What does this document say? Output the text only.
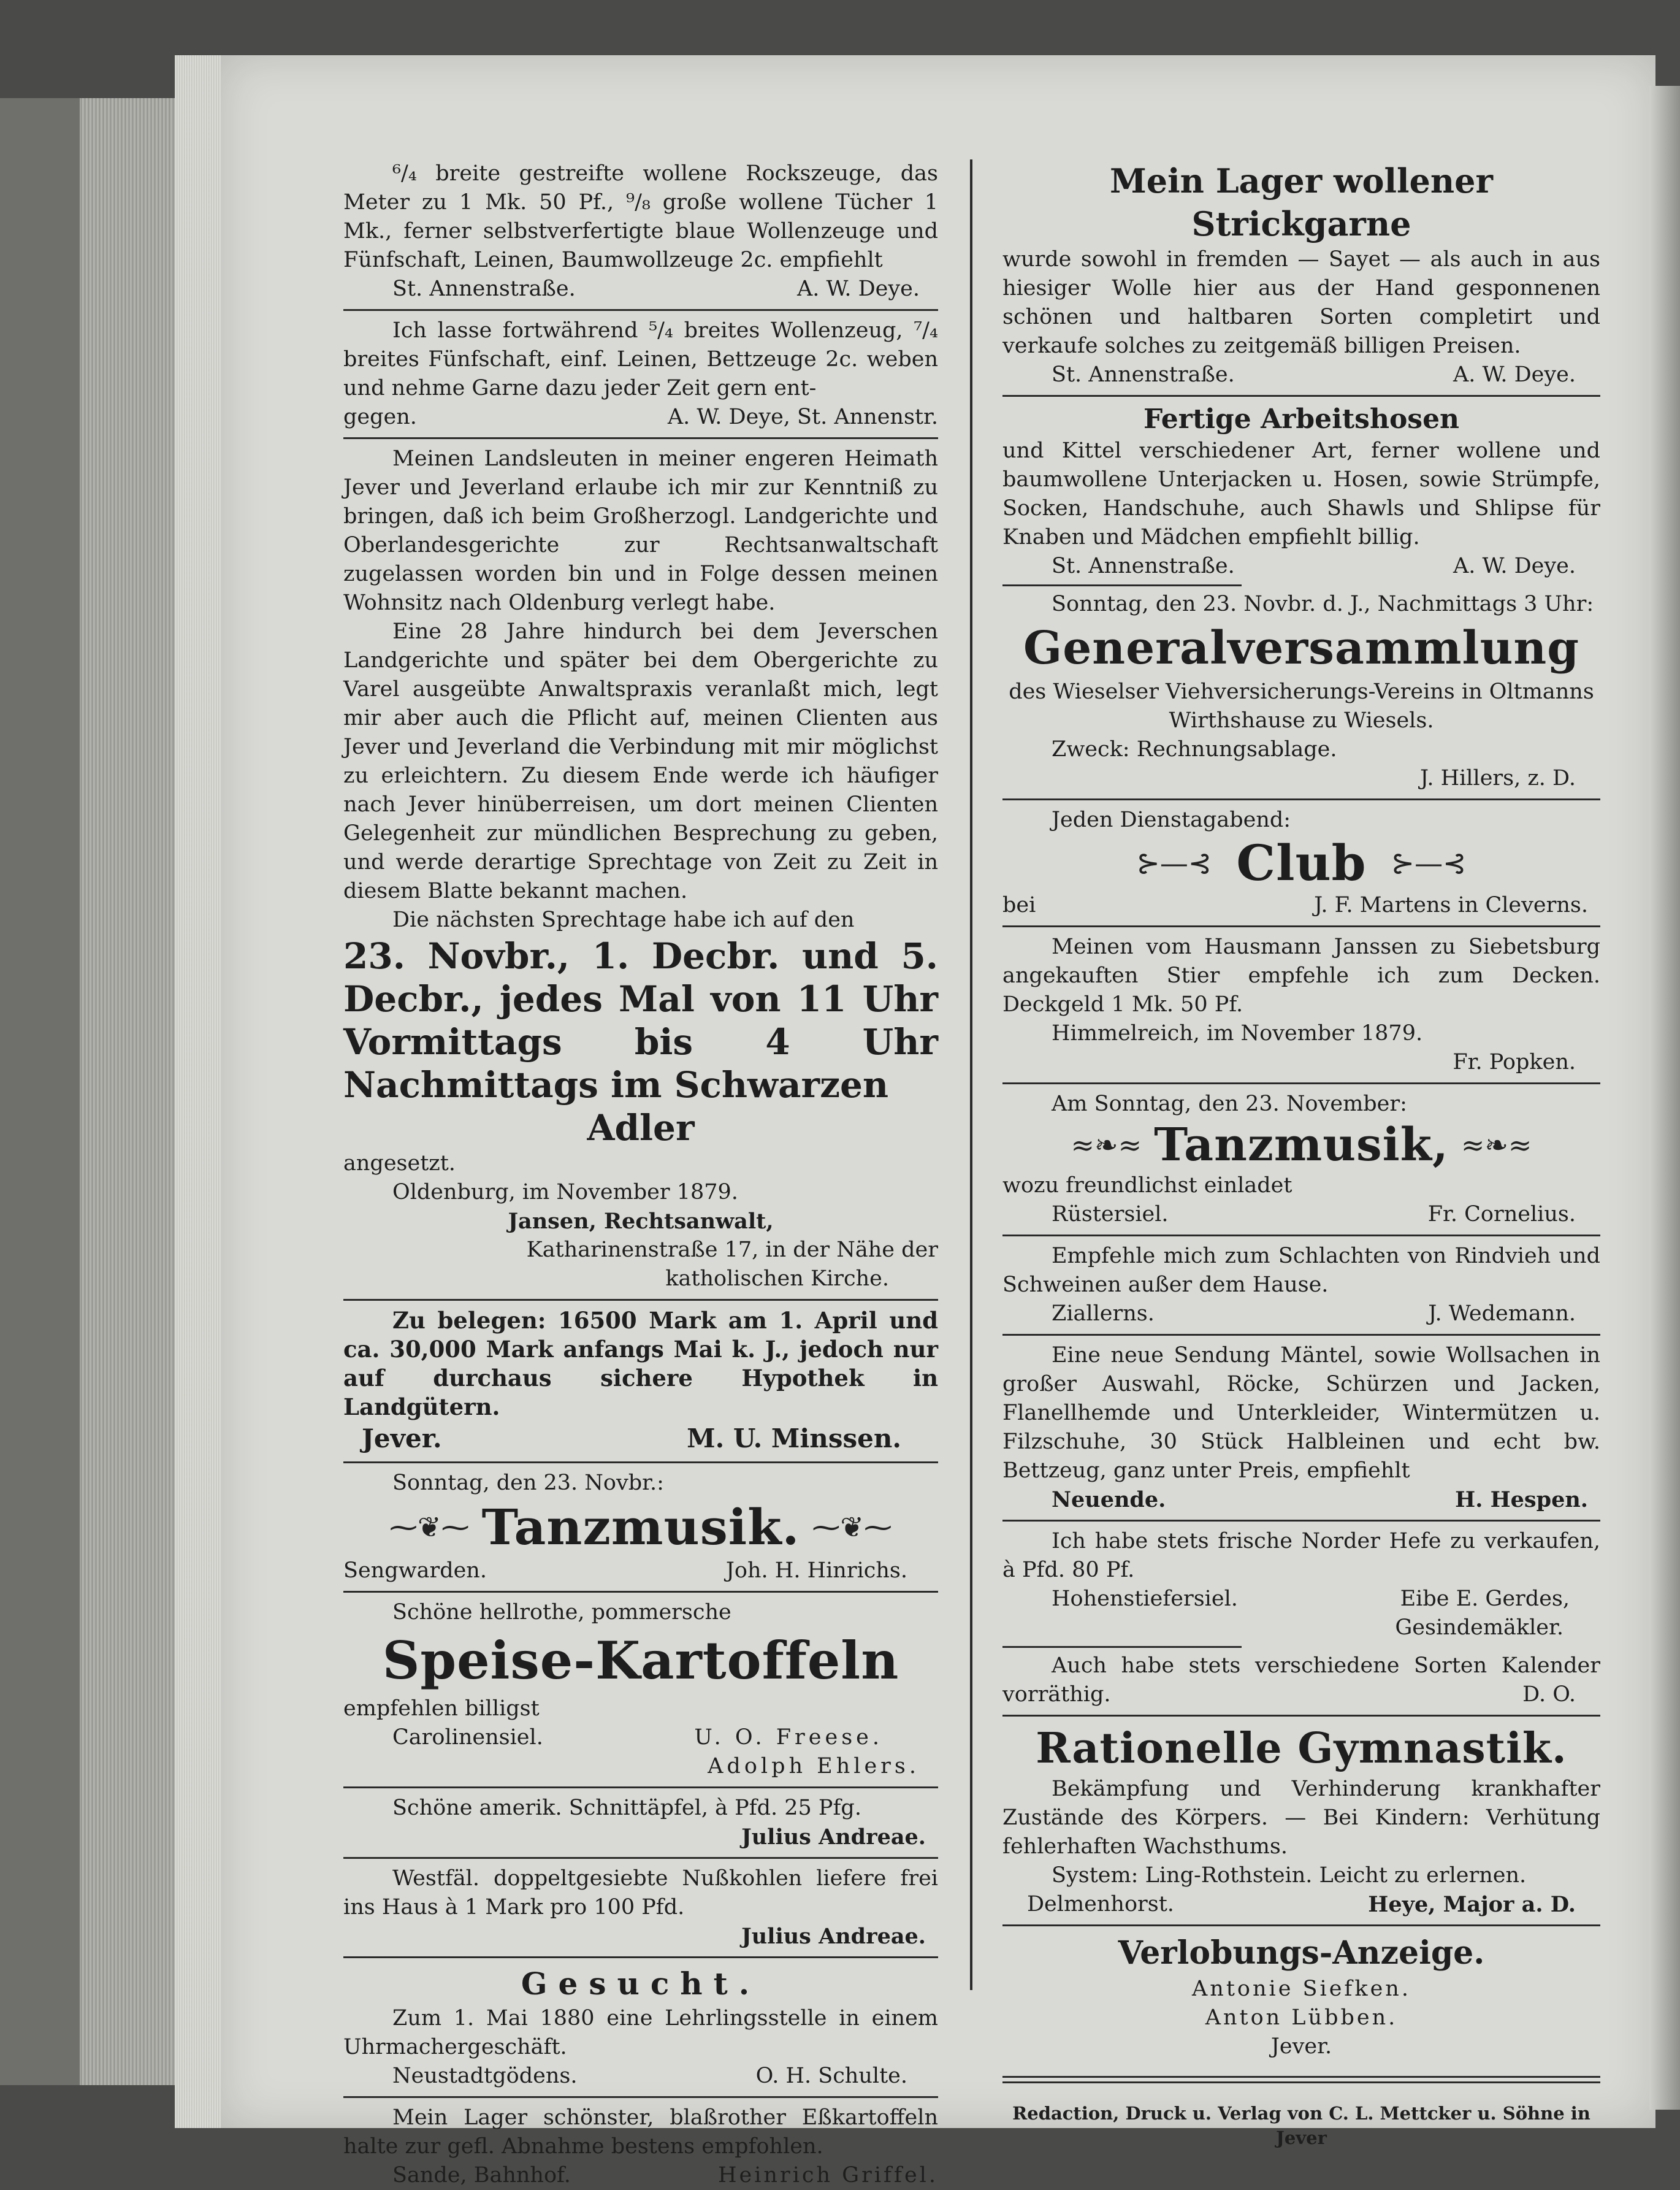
⁶/₄ breite gestreifte wollene Rockszeuge, das Meter zu 1 Mk. 50 Pf., ⁹/₈ große wollene Tücher 1 Mk., ferner selbstverfertigte blaue Wollenzeuge und Fünfschaft, Leinen, Baumwollzeuge 2c. empfiehlt

St. Annenstraße.	A. W. Deye.

Ich lasse fortwährend ⁵/₄ breites Wollenzeug, ⁷/₄ breites Fünfschaft, einf. Leinen, Bettzeuge 2c. weben und nehme Garne dazu jeder Zeit gern ent-

gegen.	A. W. Deye, St. Annenstr.

Meinen Landsleuten in meiner engeren Heimath Jever und Jeverland erlaube ich mir zur Kenntniß zu bringen, daß ich beim Großherzogl. Landgerichte und Oberlandesgerichte zur Rechtsanwaltschaft zugelassen worden bin und in Folge dessen meinen Wohnsitz nach Oldenburg verlegt habe.

Eine 28 Jahre hindurch bei dem Jeverschen Landgerichte und später bei dem Obergerichte zu Varel ausgeübte Anwaltspraxis veranlaßt mich, legt mir aber auch die Pflicht auf, meinen Clienten aus Jever und Jeverland die Verbindung mit mir möglichst zu erleichtern. Zu diesem Ende werde ich häufiger nach Jever hinüberreisen, um dort meinen Clienten Gelegenheit zur mündlichen Besprechung zu geben, und werde derartige Sprechtage von Zeit zu Zeit in diesem Blatte bekannt machen.

Die nächsten Sprechtage habe ich auf den

23. Novbr., 1. Decbr. und 5. Decbr., jedes Mal von 11 Uhr Vormittags bis 4 Uhr Nachmittags im Schwarzen

Adler

angesetzt.

Oldenburg, im November 1879.

Jansen, Rechtsanwalt,

Katharinenstraße 17, in der Nähe der

katholischen Kirche.

Zu belegen: 16500 Mark am 1. April und ca. 30,000 Mark anfangs Mai k. J., jedoch nur auf durchaus sichere Hypothek in Landgütern.

Jever.	M. U. Minssen.

Sonntag, den 23. Novbr.:

⁓❦⁓ Tanzmusik. ⁓❦⁓
Sengwarden.	Joh. H. Hinrichs.

Schöne hellrothe, pommersche

Speise-Kartoffeln

empfehlen billigst

Carolinensiel.	U. O. Freese.

Adolph Ehlers.

Schöne amerik. Schnittäpfel, à Pfd. 25 Pfg.

Julius Andreae.

Westfäl. doppeltgesiebte Nußkohlen liefere frei ins Haus à 1 Mark pro 100 Pfd.

Julius Andreae.

Gesucht.

Zum 1. Mai 1880 eine Lehrlingsstelle in einem Uhrmachergeschäft.

Neustadtgödens.	O. H. Schulte.

Mein Lager schönster, blaßrother Eßkartoffeln halte zur gefl. Abnahme bestens empfohlen.

Sande, Bahnhof.	Heinrich Griffel.

Mein Lager wollener Strickgarne

wurde sowohl in fremden — Sayet — als auch in aus hiesiger Wolle hier aus der Hand gesponnenen schönen und haltbaren Sorten completirt und verkaufe solches zu zeitgemäß billigen Preisen.

St. Annenstraße.	A. W. Deye.

Fertige Arbeitshosen

und Kittel verschiedener Art, ferner wollene und baumwollene Unterjacken u. Hosen, sowie Strümpfe, Socken, Handschuhe, auch Shawls und Shlipse für Knaben und Mädchen empfiehlt billig.

St. Annenstraße.	A. W. Deye.

Sonntag, den 23. Novbr. d. J., Nachmittags 3 Uhr:

Generalversammlung

des Wieselser Viehversicherungs-Vereins in Oltmanns

Wirthshause zu Wiesels.

Zweck: Rechnungsablage.

J. Hillers, z. D.

Jeden Dienstagabend:

⊱—⊰ Club ⊱—⊰
bei	J. F. Martens in Cleverns.

Meinen vom Hausmann Janssen zu Siebetsburg angekauften Stier empfehle ich zum Decken. Deckgeld 1 Mk. 50 Pf.

Himmelreich, im November 1879.

Fr. Popken.

Am Sonntag, den 23. November:

≈❧≈ Tanzmusik, ≈❧≈

wozu freundlichst einladet

Rüstersiel.	Fr. Cornelius.

Empfehle mich zum Schlachten von Rindvieh und Schweinen außer dem Hause.

Ziallerns.	J. Wedemann.

Eine neue Sendung Mäntel, sowie Wollsachen in großer Auswahl, Röcke, Schürzen und Jacken, Flanellhemde und Unterkleider, Wintermützen u. Filzschuhe, 30 Stück Halbleinen und echt bw. Bettzeug, ganz unter Preis, empfiehlt

Neuende.	H. Hespen.

Ich habe stets frische Norder Hefe zu verkaufen, à Pfd. 80 Pf.

Hohenstiefersiel.	Eibe E. Gerdes,

Gesindemäkler.

Auch habe stets verschiedene Sorten Kalender vorräthig.	D. O.

Rationelle Gymnastik.

Bekämpfung und Verhinderung krankhafter Zustände des Körpers. — Bei Kindern: Verhütung fehlerhaften Wachsthums.

System: Ling-Rothstein. Leicht zu erlernen.

Delmenhorst.	Heye, Major a. D.

Verlobungs-Anzeige.

Antonie Siefken.

Anton Lübben.

Jever.

Redaction, Druck u. Verlag von C. L. Mettcker u. Söhne in Jever
